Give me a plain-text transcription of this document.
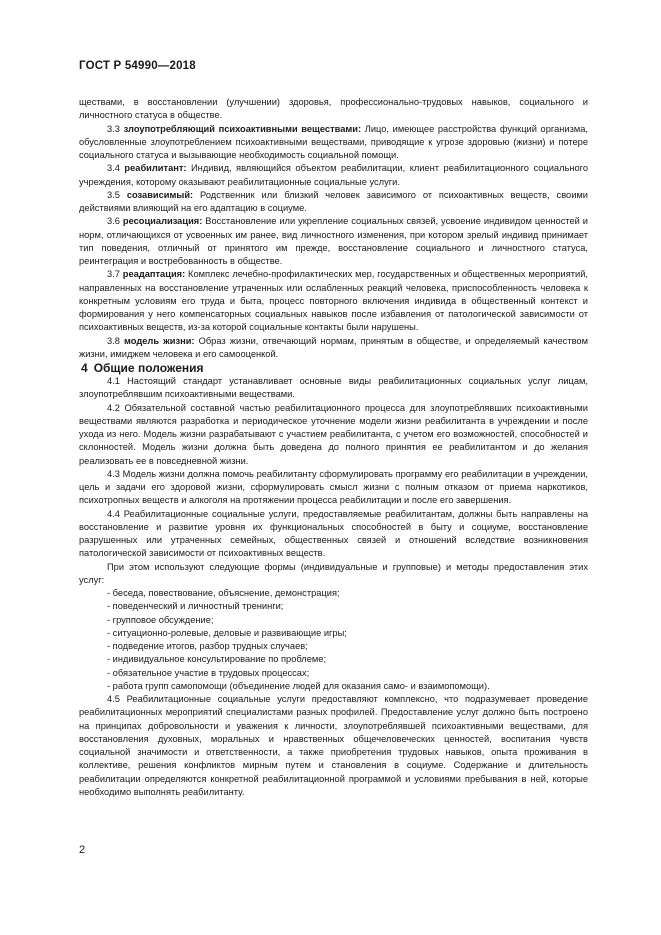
ГОСТ Р 54990—2018

ществами, в восстановлении (улучшении) здоровья, профессионально-трудовых навыков, социального и личностного статуса в обществе.

3.3 злоупотребляющий психоактивными веществами: Лицо, имеющее расстройства функций организма, обусловленные злоупотреблением психоактивными веществами, приводящие к угрозе здоровью (жизни) и потере социального статуса и вызывающие необходимость социальной помощи.

3.4 реабилитант: Индивид, являющийся объектом реабилитации, клиент реабилитационного социального учреждения, которому оказывают реабилитационные социальные услуги.

3.5 созависимый: Родственник или близкий человек зависимого от психоактивных веществ, своими действиями влияющий на его адаптацию в социуме.

3.6 ресоциализация: Восстановление или укрепление социальных связей, усвоение индивидом ценностей и норм, отличающихся от усвоенных им ранее, вид личностного изменения, при котором зрелый индивид принимает тип поведения, отличный от принятого им прежде, восстановление социального и личностного статуса, реинтеграция и востребованность в обществе.

3.7 реадаптация: Комплекс лечебно-профилактических мер, государственных и общественных мероприятий, направленных на восстановление утраченных или ослабленных реакций человека, приспособленность человека к конкретным условиям его труда и быта, процесс повторного включения индивида в общественный контекст и формирования у него компенсаторных социальных навыков после избавления от патологической зависимости от психоактивных веществ, из-за которой социальные контакты были нарушены.

3.8 модель жизни: Образ жизни, отвечающий нормам, принятым в обществе, и определяемый качеством жизни, имиджем человека и его самооценкой.

4 Общие положения

4.1 Настоящий стандарт устанавливает основные виды реабилитационных социальных услуг лицам, злоупотреблявшим психоактивными веществами.

4.2 Обязательной составной частью реабилитационного процесса для злоупотреблявших психоактивными веществами являются разработка и периодическое уточнение модели жизни реабилитанта в учреждении и после ухода из него. Модель жизни разрабатывают с участием реабилитанта, с учетом его возможностей, способностей и склонностей. Модель жизни должна быть доведена до полного принятия ее реабилитантом и до желания реализовать ее в повседневной жизни.

4.3 Модель жизни должна помочь реабилитанту сформулировать программу его реабилитации в учреждении, цель и задачи его здоровой жизни, сформулировать смысл жизни с полным отказом от приема наркотиков, психотропных веществ и алкоголя на протяжении процесса реабилитации и после его завершения.

4.4 Реабилитационные социальные услуги, предоставляемые реабилитантам, должны быть направлены на восстановление и развитие уровня их функциональных способностей в быту и социуме, восстановление разрушенных или утраченных семейных, общественных связей и отношений вследствие возникновения патологической зависимости от психоактивных веществ.

При этом используют следующие формы (индивидуальные и групповые) и методы предоставления этих услуг:

- беседа, повествование, объяснение, демонстрация;
- поведенческий и личностный тренинги;
- групповое обсуждение;
- ситуационно-ролевые, деловые и развивающие игры;
- подведение итогов, разбор трудных случаев;
- индивидуальное консультирование по проблеме;
- обязательное участие в трудовых процессах;
- работа групп самопомощи (объединение людей для оказания само- и взаимопомощи).

4.5 Реабилитационные социальные услуги предоставляют комплексно, что подразумевает проведение реабилитационных мероприятий специалистами разных профилей. Предоставление услуг должно быть построено на принципах добровольности и уважения к личности, злоупотреблявшей психоактивными веществами, для восстановления духовных, моральных и нравственных общечеловеческих ценностей, воспитания чувств социальной значимости и ответственности, а также приобретения трудовых навыков, опыта проживания в коллективе, решения конфликтов мирным путем и становления в социуме. Содержание и длительность реабилитации определяются конкретной реабилитационной программой и условиями пребывания в ней, которые необходимо выполнять реабилитанту.

2
